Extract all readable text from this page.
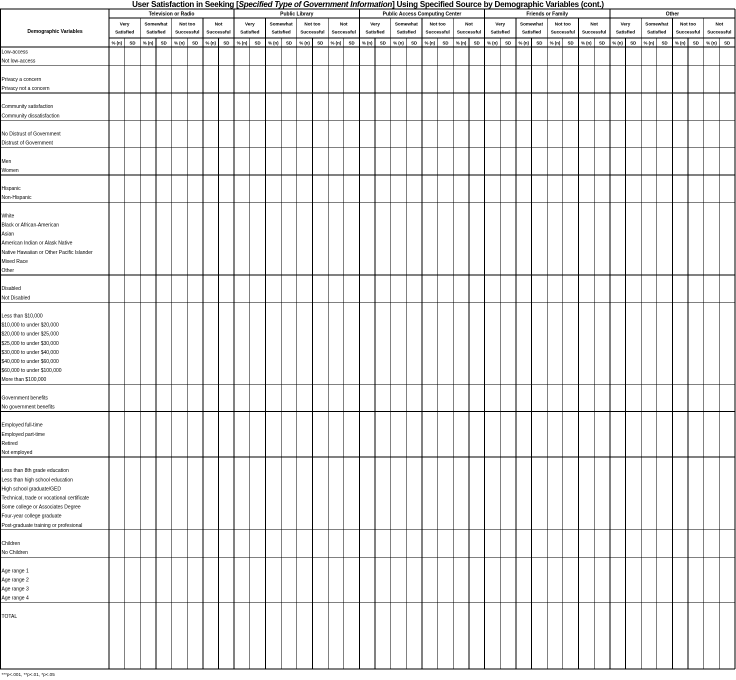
User Satisfaction in Seeking [Specified Type of Government Information] Using Specified Source by Demographic Variables (cont.)
Demographic Variables
Television or Radio
Very
Satisfied
% (n) SD
Somewhat
Satisfied
% (n) SD
Not too
Successful
% (n) SD
Not
Successful
% (n) SD
Public Library
Very
Satisfied
% (n) SD
Somewhat
Satisfied
% (n) SD
Not too
Successful
% (n) SD
Not
Successful
% (n) SD
Public Access Computing Center
Very
Satisfied
% (n) SD
Somewhat
Satisfied
% (n) SD
Not too
Successful
% (n) SD
Not
Successful
% (n) SD
Friends or Family
Very
Satisfied
% (n) SD
Somewhat
Satisfied
% (n) SD
Not too
Successful
% (n) SD
Not
Successful
% (n) SD
Other
Very
Satisfied
% (n) SD
Somewhat
Satisfied
% (n) SD
Not too
Successful
% (n) SD
Not
Successful
% (n) SD
Low-access
Not low-access
Privacy a concern
Privacy not a concern
Community satisfaction
Community dissatisfaction
No Distrust of Government
Distrust of Government
Men
Women
Hispanic
Non-Hispanic
White
Black or African-American
Asian
American Indian or Alask Native
Native Hawaiian or Other Pacific Islander
Mixed Race
Other
Disabled
Not Disabled
Less than $10,000
$10,000 to under $20,000
$20,000 to under $25,000
$25,000 to under $30,000
$30,000 to under $40,000
$40,000 to under $60,000
$60,000 to under $100,000
More than $100,000
Government benefits
No government benefits
Employed full-time
Employed part-time
Retired
Not employed
Less than 8th grade education
Less than high school education
High school graduate/GED
Technical, trade or vocational certificate
Some college or Associates Degree
Four-year college graduate
Post-graduate training or profesional
Children
No Children
Age range 1
Age range 2
Age range 3
Age range 4
TOTAL
***p<.001, **p<.01, *p<.05
